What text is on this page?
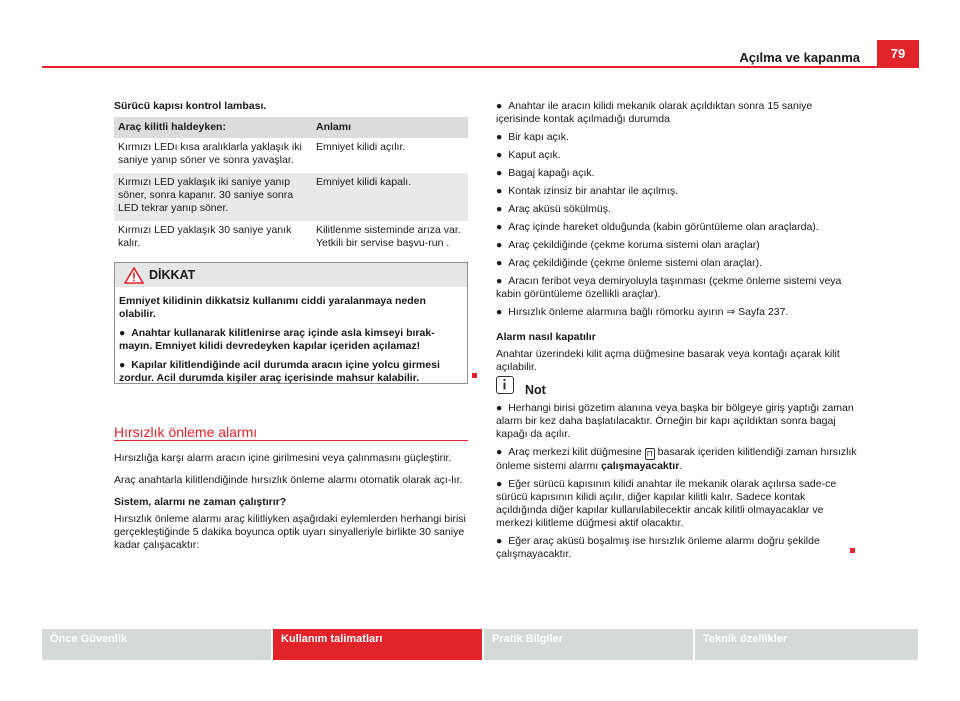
Açılma ve kapanma	79

Sürücü kapısı kontrol lambası.

Araç kilitli haldeyken:	Anlamı
Kırmızı LEDı kısa aralıklarla yaklaşık iki saniye yanıp söner ve sonra yavaşlar.	Emniyet kilidi açılır.
Kırmızı LED yaklaşık iki saniye yanıp söner, sonra kapanır. 30 saniye sonra LED tekrar yanıp söner.	Emniyet kilidi kapalı.
Kırmızı LED yaklaşık 30 saniye yanık kalır.	Kilitlenme sisteminde arıza var. Yetkili bir servise başvu-run .
DİKKAT

Emniyet kilidinin dikkatsiz kullanımı ciddi yaralanmaya neden olabilir.

●  Anahtar kullanarak kilitlenirse araç içinde asla kimseyi bırak-mayın. Emniyet kilidi devredeyken kapılar içeriden açılamaz!

●  Kapılar kilitlendiğinde acil durumda aracın içine yolcu girmesi zordur. Acil durumda kişiler araç içerisinde mahsur kalabilir.

Hırsızlık önleme alarmı

Hırsızlığa karşı alarm aracın içine girilmesini veya çalınmasını güçleştirir.

Araç anahtarla kilitlendiğinde hırsızlık önleme alarmı otomatik olarak açı-lır.

Sistem, alarmı ne zaman çalıştırır?

Hırsızlık önleme alarmı araç kilitliyken aşağıdaki eylemlerden herhangi birisi gerçekleştiğinde 5 dakika boyunca optik uyarı sinyalleriyle birlikte 30 saniye kadar çalışacaktır:

●  Anahtar ile aracın kilidi mekanik olarak açıldıktan sonra 15 saniye içerisinde kontak açılmadığı durumda

●  Bir kapı açık.

●  Kaput açık.

●  Bagaj kapağı açık.

●  Kontak izinsiz bir anahtar ile açılmış.

●  Araç aküsü sökülmüş.

●  Araç içinde hareket olduğunda (kabin görüntüleme olan araçlarda).

●  Araç çekildiğinde (çekme koruma sistemi olan araçlar)

●  Araç çekildiğinde (çekme önleme sistemi olan araçlar).

●  Aracın feribot veya demiryoluyla taşınması (çekme önleme sistemi veya kabin görüntüleme özellikli araçlar).

●  Hırsızlık önleme alarmına bağlı römorku ayırın ⇒ Sayfa 237.

Alarm nasıl kapatılır

Anahtar üzerindeki kilit açma düğmesine basarak veya kontağı açarak kilit açılabilir.

Not

●  Herhangi birisi gözetim alanına veya başka bir bölgeye giriş yaptığı zaman alarm bir kez daha başlatılacaktır. Örneğin bir kapı açıldıktan sonra bagaj kapağı da açılır.

●  Araç merkezi kilit düğmesine ⊓ basarak içeriden kilitlendiği zaman hırsızlık önleme sistemi alarmı çalışmayacaktır.

●  Eğer sürücü kapısının kilidi anahtar ile mekanik olarak açılırsa sade-ce sürücü kapısının kilidi açılır, diğer kapılar kilitli kalır. Sadece kontak açıldığında diğer kapılar kullanılabilecektir ancak kilitli olmayacaklar ve merkezi kilitleme düğmesi aktif olacaktır.

●  Eğer araç aküsü boşalmış ise hırsızlık önleme alarmı doğru şekilde çalışmayacaktır.

Önce Güvenlik	Kullanım talimatları	Pratik Bilgiler	Teknik özellikler
